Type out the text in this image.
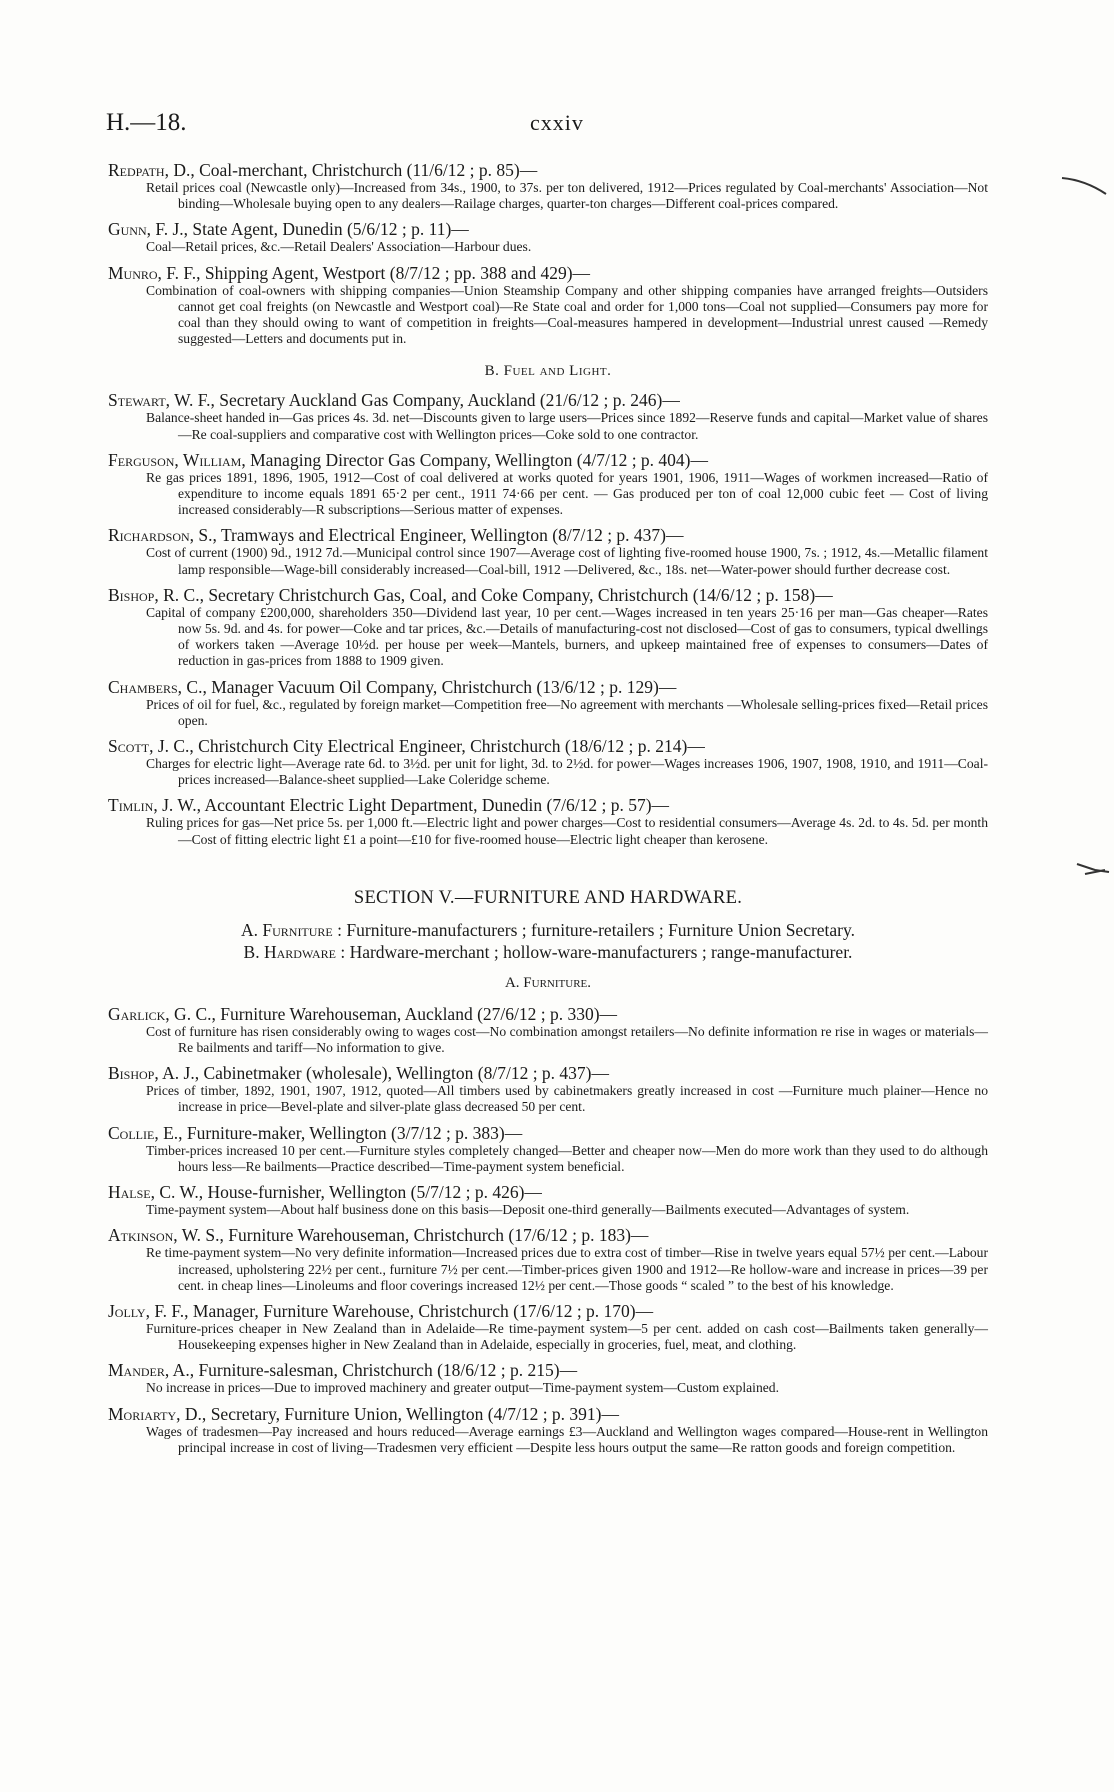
H.—18.	cxxiv
Redpath, D., Coal-merchant, Christchurch (11/6/12 ; p. 85)—
Retail prices coal (Newcastle only)—Increased from 34s., 1900, to 37s. per ton delivered, 1912—Prices regulated by Coal-merchants' Association—Not binding—Wholesale buying open to any dealers—Railage charges, quarter-ton charges—Different coal-prices compared.
Gunn, F. J., State Agent, Dunedin (5/6/12 ; p. 11)—
Coal—Retail prices, &c.—Retail Dealers' Association—Harbour dues.
Munro, F. F., Shipping Agent, Westport (8/7/12 ; pp. 388 and 429)—
Combination of coal-owners with shipping companies—Union Steamship Company and other shipping companies have arranged freights—Outsiders cannot get coal freights (on Newcastle and Westport coal)—Re State coal and order for 1,000 tons—Coal not supplied—Consumers pay more for coal than they should owing to want of competition in freights—Coal-measures hampered in development—Industrial unrest caused —Remedy suggested—Letters and documents put in.
B. Fuel and Light.
Stewart, W. F., Secretary Auckland Gas Company, Auckland (21/6/12 ; p. 246)—
Balance-sheet handed in—Gas prices 4s. 3d. net—Discounts given to large users—Prices since 1892—Reserve funds and capital—Market value of shares—Re coal-suppliers and comparative cost with Wellington prices—Coke sold to one contractor.
Ferguson, William, Managing Director Gas Company, Wellington (4/7/12 ; p. 404)—
Re gas prices 1891, 1896, 1905, 1912—Cost of coal delivered at works quoted for years 1901, 1906, 1911—Wages of workmen increased—Ratio of expenditure to income equals 1891 65·2 per cent., 1911 74·66 per cent. — Gas produced per ton of coal 12,000 cubic feet — Cost of living increased considerably—R subscriptions—Serious matter of expenses.
Richardson, S., Tramways and Electrical Engineer, Wellington (8/7/12 ; p. 437)—
Cost of current (1900) 9d., 1912 7d.—Municipal control since 1907—Average cost of lighting five-roomed house 1900, 7s. ; 1912, 4s.—Metallic filament lamp responsible—Wage-bill considerably increased—Coal-bill, 1912 —Delivered, &c., 18s. net—Water-power should further decrease cost.
Bishop, R. C., Secretary Christchurch Gas, Coal, and Coke Company, Christchurch (14/6/12 ; p. 158)—
Capital of company £200,000, shareholders 350—Dividend last year, 10 per cent.—Wages increased in ten years 25·16 per man—Gas cheaper—Rates now 5s. 9d. and 4s. for power—Coke and tar prices, &c.—Details of manufacturing-cost not disclosed—Cost of gas to consumers, typical dwellings of workers taken —Average 10½d. per house per week—Mantels, burners, and upkeep maintained free of expenses to consumers—Dates of reduction in gas-prices from 1888 to 1909 given.
Chambers, C., Manager Vacuum Oil Company, Christchurch (13/6/12 ; p. 129)—
Prices of oil for fuel, &c., regulated by foreign market—Competition free—No agreement with merchants —Wholesale selling-prices fixed—Retail prices open.
Scott, J. C., Christchurch City Electrical Engineer, Christchurch (18/6/12 ; p. 214)—
Charges for electric light—Average rate 6d. to 3½d. per unit for light, 3d. to 2½d. for power—Wages increases 1906, 1907, 1908, 1910, and 1911—Coal-prices increased—Balance-sheet supplied—Lake Coleridge scheme.
Timlin, J. W., Accountant Electric Light Department, Dunedin (7/6/12 ; p. 57)—
Ruling prices for gas—Net price 5s. per 1,000 ft.—Electric light and power charges—Cost to residential consumers—Average 4s. 2d. to 4s. 5d. per month—Cost of fitting electric light £1 a point—£10 for five-roomed house—Electric light cheaper than kerosene.
SECTION V.—FURNITURE AND HARDWARE.
A. Furniture : Furniture-manufacturers ; furniture-retailers ; Furniture Union Secretary.
B. Hardware : Hardware-merchant ; hollow-ware-manufacturers ; range-manufacturer.
A. Furniture.
Garlick, G. C., Furniture Warehouseman, Auckland (27/6/12 ; p. 330)—
Cost of furniture has risen considerably owing to wages cost—No combination amongst retailers—No definite information re rise in wages or materials—Re bailments and tariff—No information to give.
Bishop, A. J., Cabinetmaker (wholesale), Wellington (8/7/12 ; p. 437)—
Prices of timber, 1892, 1901, 1907, 1912, quoted—All timbers used by cabinetmakers greatly increased in cost —Furniture much plainer—Hence no increase in price—Bevel-plate and silver-plate glass decreased 50 per cent.
Collie, E., Furniture-maker, Wellington (3/7/12 ; p. 383)—
Timber-prices increased 10 per cent.—Furniture styles completely changed—Better and cheaper now—Men do more work than they used to do although hours less—Re bailments—Practice described—Time-payment system beneficial.
Halse, C. W., House-furnisher, Wellington (5/7/12 ; p. 426)—
Time-payment system—About half business done on this basis—Deposit one-third generally—Bailments executed—Advantages of system.
Atkinson, W. S., Furniture Warehouseman, Christchurch (17/6/12 ; p. 183)—
Re time-payment system—No very definite information—Increased prices due to extra cost of timber—Rise in twelve years equal 57½ per cent.—Labour increased, upholstering 22½ per cent., furniture 7½ per cent.—Timber-prices given 1900 and 1912—Re hollow-ware and increase in prices—39 per cent. in cheap lines—Linoleums and floor coverings increased 12½ per cent.—Those goods “ scaled ” to the best of his knowledge.
Jolly, F. F., Manager, Furniture Warehouse, Christchurch (17/6/12 ; p. 170)—
Furniture-prices cheaper in New Zealand than in Adelaide—Re time-payment system—5 per cent. added on cash cost—Bailments taken generally—Housekeeping expenses higher in New Zealand than in Adelaide, especially in groceries, fuel, meat, and clothing.
Mander, A., Furniture-salesman, Christchurch (18/6/12 ; p. 215)—
No increase in prices—Due to improved machinery and greater output—Time-payment system—Custom explained.
Moriarty, D., Secretary, Furniture Union, Wellington (4/7/12 ; p. 391)—
Wages of tradesmen—Pay increased and hours reduced—Average earnings £3—Auckland and Wellington wages compared—House-rent in Wellington principal increase in cost of living—Tradesmen very efficient —Despite less hours output the same—Re ratton goods and foreign competition.
